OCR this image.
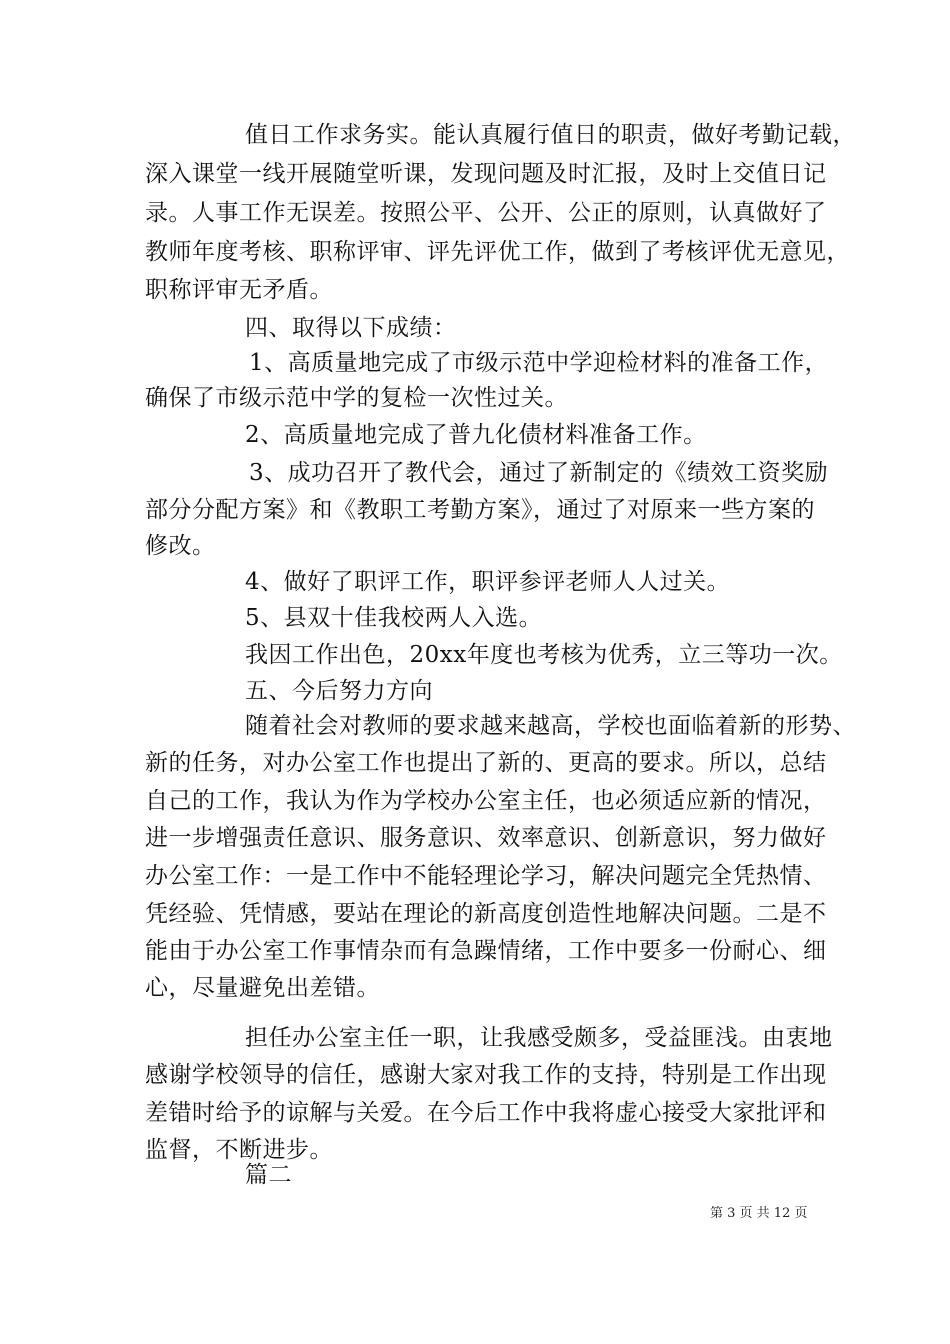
值日工作求务实。能认真履行值日的职责，做好考勤记载，
深入课堂一线开展随堂听课，发现问题及时汇报，及时上交值日记
录。人事工作无误差。按照公平、公开、公正的原则，认真做好了
教师年度考核、职称评审、评先评优工作，做到了考核评优无意见，
职称评审无矛盾。
四、取得以下成绩：
1、高质量地完成了市级示范中学迎检材料的准备工作，
确保了市级示范中学的复检一次性过关。
2、高质量地完成了普九化债材料准备工作。
3、成功召开了教代会，通过了新制定的《绩效工资奖励
部分分配方案》和《教职工考勤方案》，通过了对原来一些方案的
修改。
4、做好了职评工作，职评参评老师人人过关。
5、县双十佳我校两人入选。
我因工作出色，20xx年度也考核为优秀，立三等功一次。
五、今后努力方向
随着社会对教师的要求越来越高，学校也面临着新的形势、
新的任务，对办公室工作也提出了新的、更高的要求。所以，总结
自己的工作，我认为作为学校办公室主任，也必须适应新的情况，
进一步增强责任意识、服务意识、效率意识、创新意识，努力做好
办公室工作：一是工作中不能轻理论学习，解决问题完全凭热情、
凭经验、凭情感，要站在理论的新高度创造性地解决问题。二是不
能由于办公室工作事情杂而有急躁情绪，工作中要多一份耐心、细
心，尽量避免出差错。
担任办公室主任一职，让我感受颇多，受益匪浅。由衷地
感谢学校领导的信任，感谢大家对我工作的支持，特别是工作出现
差错时给予的谅解与关爱。在今后工作中我将虚心接受大家批评和
监督，不断进步。
篇二
第 3 页 共 12 页
